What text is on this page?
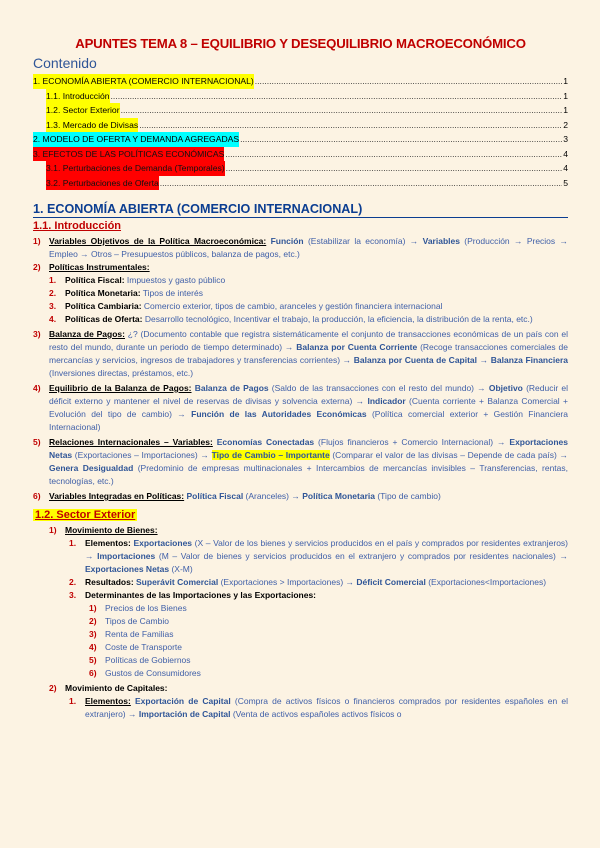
APUNTES TEMA 8 – EQUILIBRIO Y DESEQUILIBRIO MACROECONÓMICO
Contenido
1. ECONOMÍA ABIERTA (COMERCIO INTERNACIONAL) .....	1
1.1. Introducción .....	1
1.2. Sector Exterior .....	1
1.3. Mercado de Divisas .....	2
2. MODELO DE OFERTA Y DEMANDA AGREGADAS .....	3
3. EFECTOS DE LAS POLÍTICAS ECONÓMICAS .....	4
3.1. Perturbaciones de Demanda (Temporales) .....	4
3.2. Perturbaciones de Oferta .....	5
1. ECONOMÍA ABIERTA (COMERCIO INTERNACIONAL)
1.1. Introducción
1) Variables Objetivos de la Política Macroeconómica: Función (Estabilizar la economía) → Variables (Producción → Precios → Empleo → Otros – Presupuestos públicos, balanza de pagos, etc.)
2) Políticas Instrumentales:
1.	Política Fiscal: Impuestos y gasto público
2.	Política Monetaria: Tipos de interés
3.	Política Cambiaria: Comercio exterior, tipos de cambio, aranceles y gestión financiera internacional
4.	Políticas de Oferta: Desarrollo tecnológico, Incentivar el trabajo, la producción, la eficiencia, la distribución de la renta, etc.)
3) Balanza de Pagos: ¿? (Documento contable que registra sistemáticamente el conjunto de transacciones económicas de un país con el resto del mundo, durante un periodo de tiempo determinado) → Balanza por Cuenta Corriente (Recoge transacciones comerciales de mercancías y servicios, ingresos de trabajadores y transferencias corrientes) → Balanza por Cuenta de Capital → Balanza Financiera (Inversiones directas, préstamos, etc.)
4) Equilibrio de la Balanza de Pagos: Balanza de Pagos (Saldo de las transacciones con el resto del mundo) → Objetivo (Reducir el déficit externo y mantener el nivel de reservas de divisas y solvencia externa) → Indicador (Cuenta corriente + Balanza Comercial + Evolución del tipo de cambio) → Función de las Autoridades Económicas (Política comercial exterior + Gestión Financiera Internacional)
5) Relaciones Internacionales – Variables: Economías Conectadas (Flujos financieros + Comercio Internacional) → Exportaciones Netas (Exportaciones – Importaciones) → Tipo de Cambio – Importante (Comparar el valor de las divisas – Depende de cada país) → Genera Desigualdad (Predominio de empresas multinacionales + Intercambios de mercancías invisibles – Transferencias, rentas, tecnologías, etc.)
6) Variables Integradas en Políticas: Política Fiscal (Aranceles) → Política Monetaria (Tipo de cambio)
1.2. Sector Exterior
1) Movimiento de Bienes:
1.	Elementos: Exportaciones (X – Valor de los bienes y servicios producidos en el país y comprados por residentes extranjeros) → Importaciones (M – Valor de bienes y servicios producidos en el extranjero y comprados por residentes nacionales) → Exportaciones Netas (X-M)
2.	Resultados: Superávit Comercial (Exportaciones > Importaciones) → Déficit Comercial (Exportaciones<Importaciones)
3.	Determinantes de las Importaciones y las Exportaciones:
1) Precios de los Bienes
2) Tipos de Cambio
3) Renta de Familias
4) Coste de Transporte
5) Políticas de Gobiernos
6) Gustos de Consumidores
2) Movimiento de Capitales:
1.	Elementos: Exportación de Capital (Compra de activos físicos o financieros comprados por residentes españoles en el extranjero) → Importación de Capital (Venta de activos españoles activos físicos o
